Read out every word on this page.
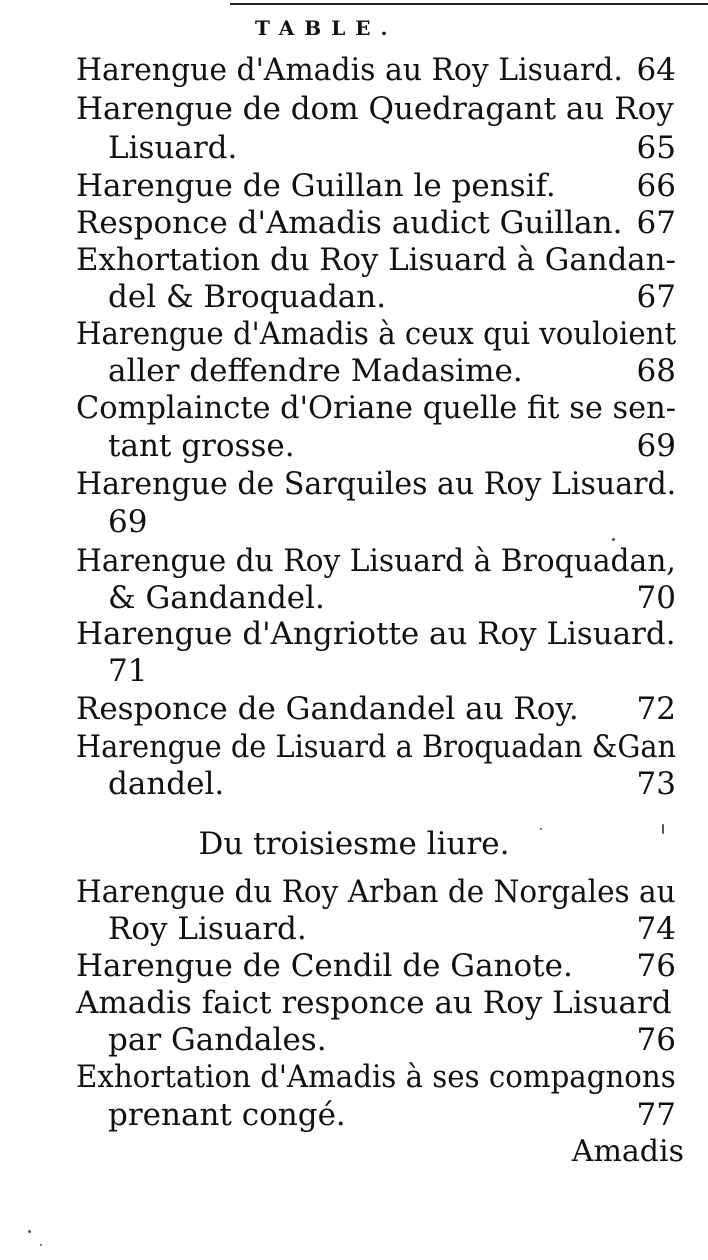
TABLE.
Harengue d'Amadis au Roy Lisuard. 64
Harengue de dom Quedragant au Roy
Lisuard.	65
Harengue de Guillan le pensif.	66
Responce d'Amadis audict Guillan. 67
Exhortation du Roy Lisuard à Gandan-
del & Broquadan.	67
Harengue d'Amadis à ceux qui vouloient
aller deffendre Madasime.	68
Complaincte d'Oriane quelle fit se sen-
tant grosse.	69
Harengue de Sarquiles au Roy Lisuard.
69
Harengue du Roy Lisuard à Broquadan,
& Gandandel.	70
Harengue d'Angriotte au Roy Lisuard.
71
Responce de Gandandel au Roy. 72
Harengue de Lisuard a Broquadan &Gan
dandel.	73
Du troisiesme liure.
Harengue du Roy Arban de Norgales au
Roy Lisuard.	74
Harengue de Cendil de Ganote. 76
Amadis faict responce au Roy Lisuard
par Gandales.	76
Exhortation d'Amadis à ses compagnons
prenant congé.	77
Amadis
